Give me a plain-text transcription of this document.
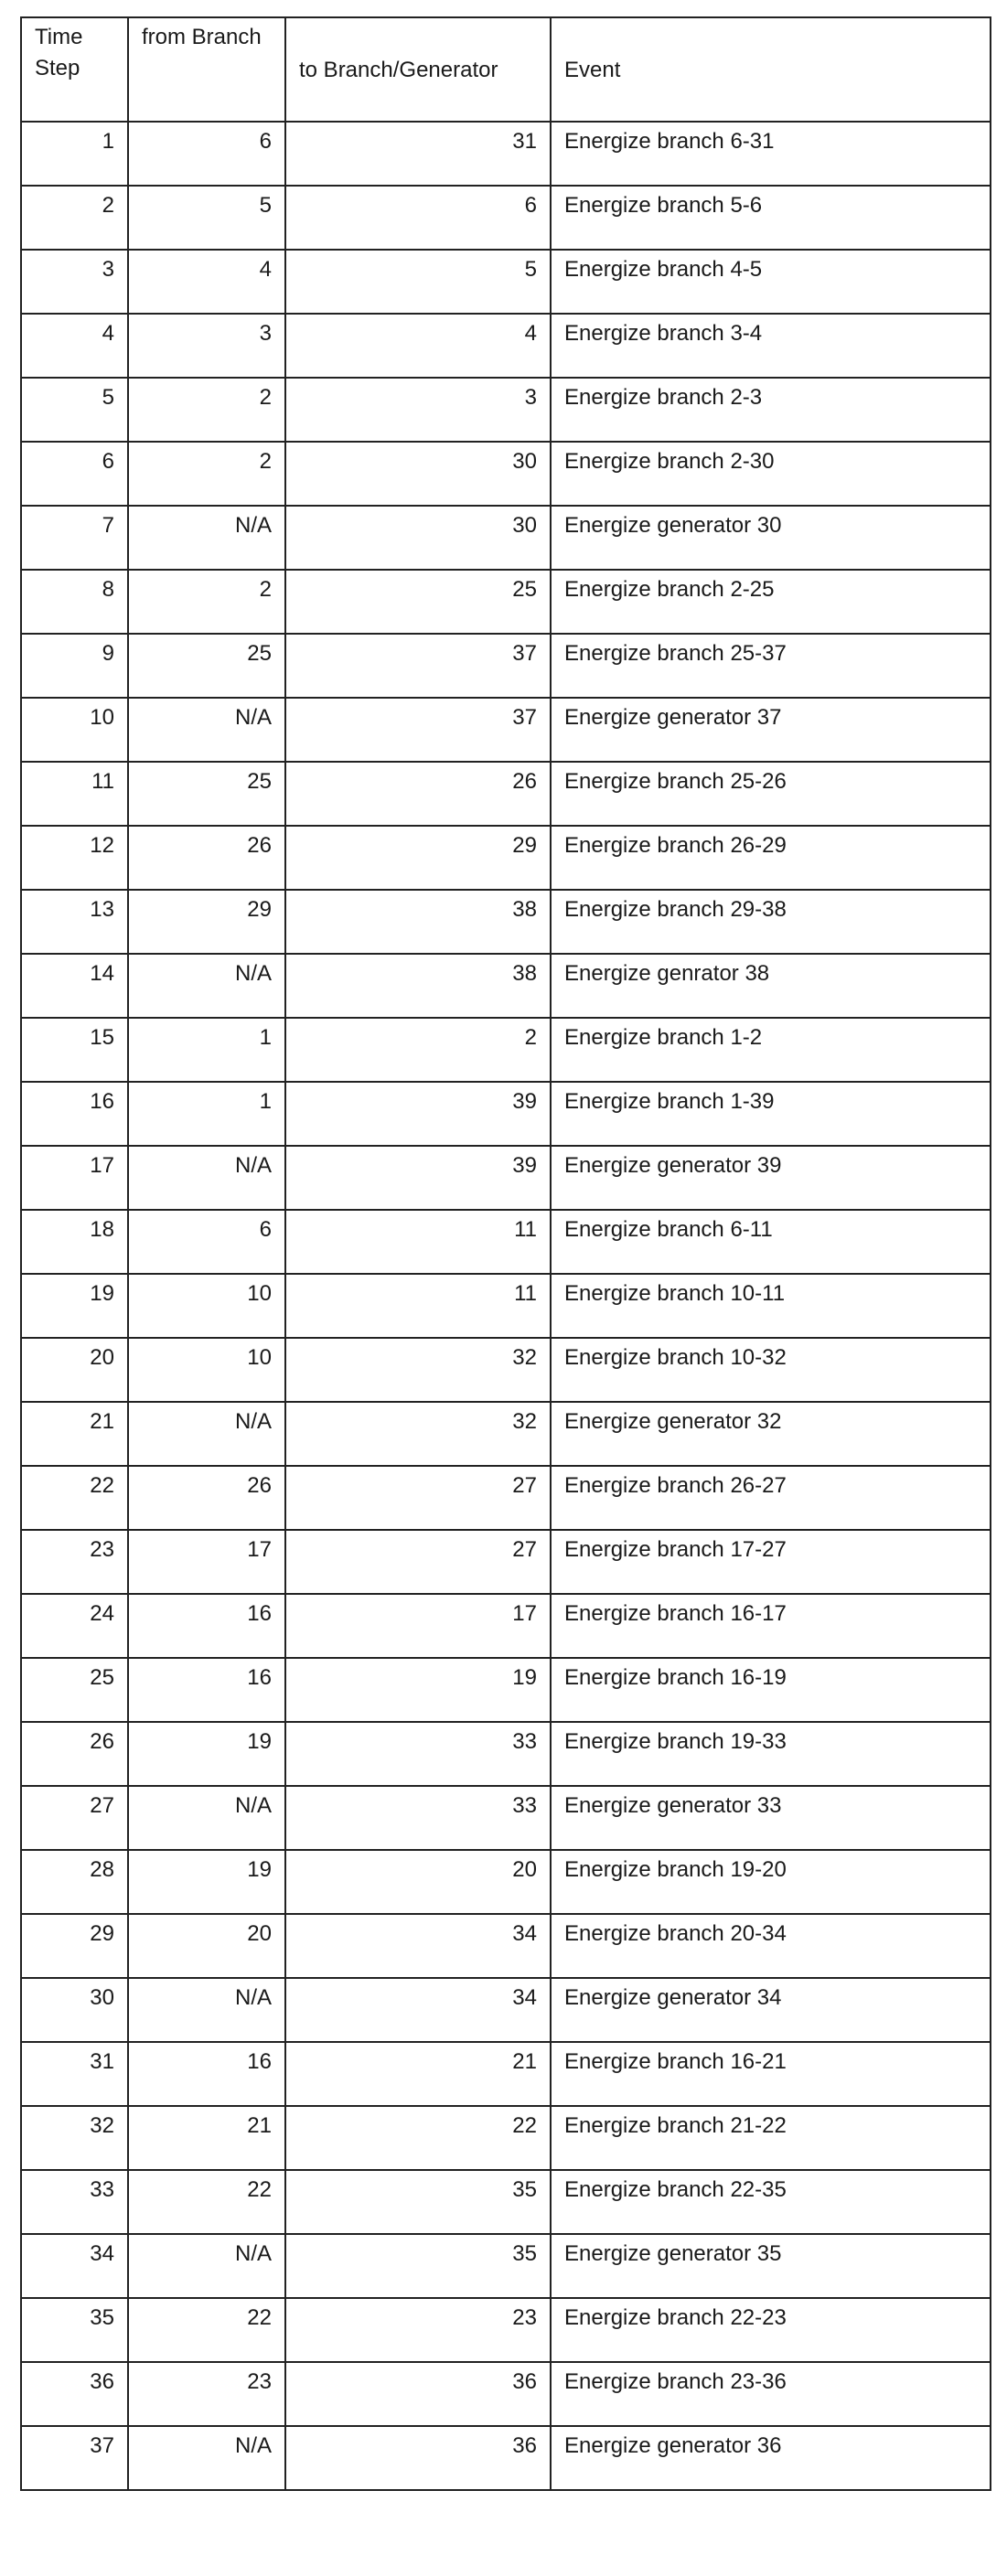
Time Step	from Branch	to Branch/Generator	Event
1	6	31	Energize branch 6-31
2	5	6	Energize branch 5-6
3	4	5	Energize branch 4-5
4	3	4	Energize branch 3-4
5	2	3	Energize branch 2-3
6	2	30	Energize branch 2-30
7	N/A	30	Energize generator 30
8	2	25	Energize branch 2-25
9	25	37	Energize branch 25-37
10	N/A	37	Energize generator 37
11	25	26	Energize branch 25-26
12	26	29	Energize branch 26-29
13	29	38	Energize branch 29-38
14	N/A	38	Energize genrator 38
15	1	2	Energize branch 1-2
16	1	39	Energize branch 1-39
17	N/A	39	Energize generator 39
18	6	11	Energize branch 6-11
19	10	11	Energize branch 10-11
20	10	32	Energize branch 10-32
21	N/A	32	Energize generator 32
22	26	27	Energize branch 26-27
23	17	27	Energize branch 17-27
24	16	17	Energize branch 16-17
25	16	19	Energize branch 16-19
26	19	33	Energize branch 19-33
27	N/A	33	Energize generator 33
28	19	20	Energize branch 19-20
29	20	34	Energize branch 20-34
30	N/A	34	Energize generator 34
31	16	21	Energize branch 16-21
32	21	22	Energize branch 21-22
33	22	35	Energize branch 22-35
34	N/A	35	Energize generator 35
35	22	23	Energize branch 22-23
36	23	36	Energize branch 23-36
37	N/A	36	Energize generator 36
